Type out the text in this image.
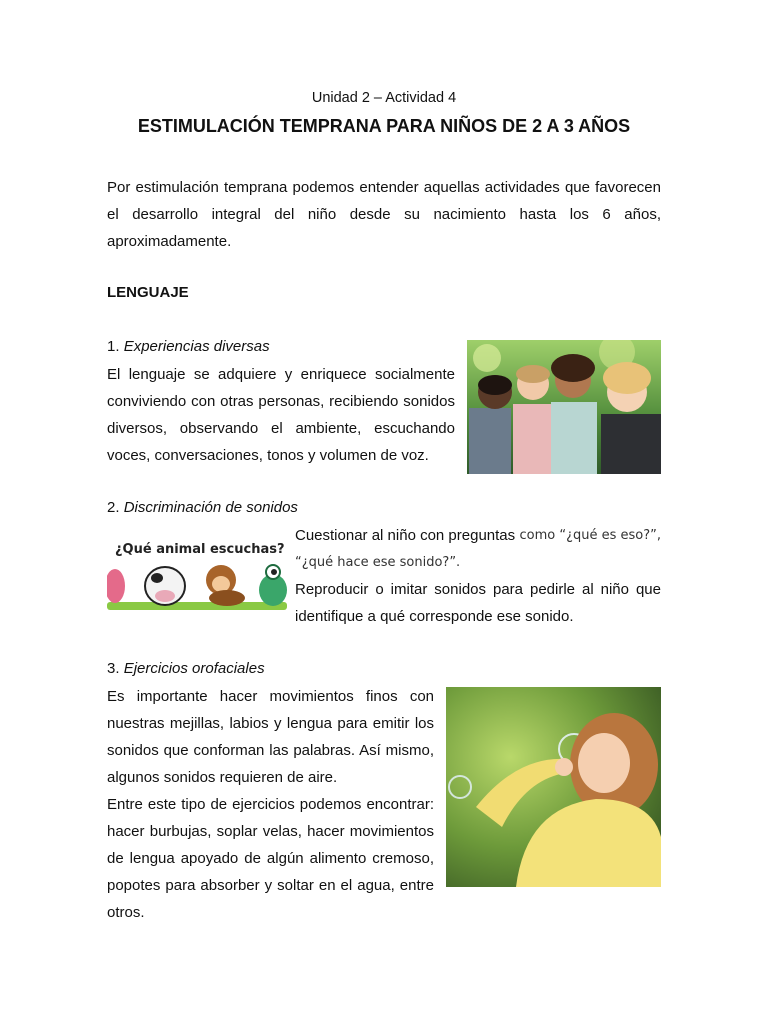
Unidad 2 – Actividad 4
ESTIMULACIÓN TEMPRANA PARA NIÑOS DE 2 A 3 AÑOS

Por estimulación temprana podemos entender aquellas actividades que favorecen el desarrollo integral del niño desde su nacimiento hasta los 6 años, aproximadamente.

LENGUAJE
1. Experiencias diversas
El lenguaje se adquiere y enriquece socialmente
conviviendo con otras personas, recibiendo sonidos
diversos, observando el ambiente, escuchando
voces, conversaciones, tonos y volumen de voz.
2. Discriminación de sonidos
¿Qué animal escuchas?
Cuestionar al niño con preguntas como “¿qué es eso?”,
“¿qué hace ese sonido?”.
Reproducir o imitar sonidos para pedirle al niño que
identifique a qué corresponde ese sonido.
3. Ejercicios orofaciales
Es importante hacer movimientos finos con
nuestras mejillas, labios y lengua para emitir los
sonidos que conforman las palabras. Así mismo,
algunos sonidos requieren de aire.
Entre este tipo de ejercicios podemos encontrar:
hacer burbujas, soplar velas, hacer movimientos
de lengua apoyado de algún alimento cremoso,
popotes para absorber y soltar en el agua, entre
otros.
